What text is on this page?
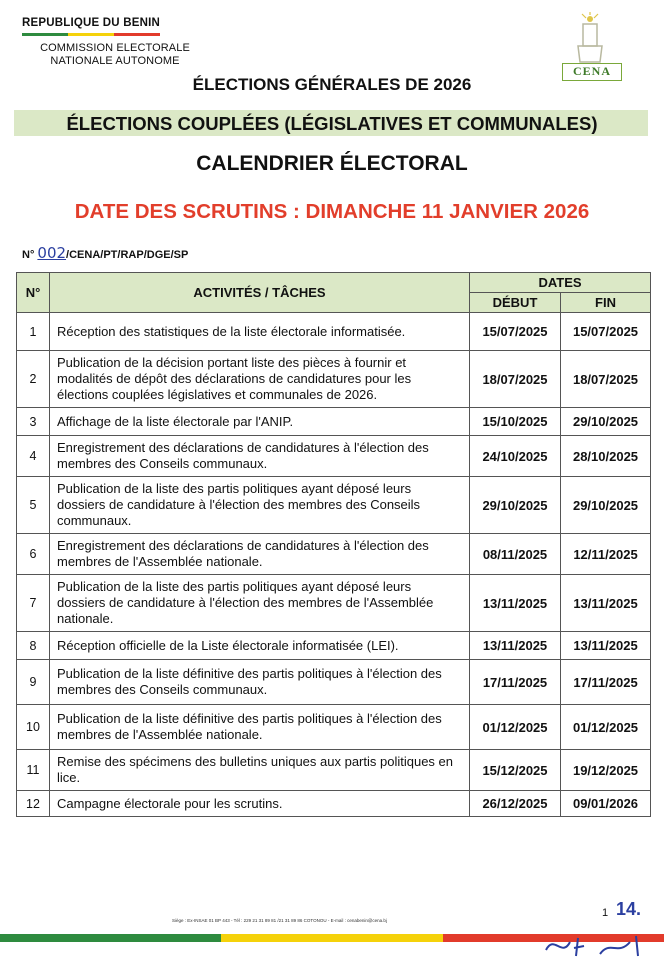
REPUBLIQUE DU BENIN
COMMISSION ELECTORALE
NATIONALE AUTONOME
CENA
ÉLECTIONS GÉNÉRALES DE 2026
ÉLECTIONS COUPLÉES (LÉGISLATIVES ET COMMUNALES)
CALENDRIER ÉLECTORAL
DATE DES SCRUTINS : DIMANCHE 11 JANVIER 2026
N° 002/CENA/PT/RAP/DGE/SP
N°	ACTIVITÉS / TÂCHES	DATES	
		DÉBUT	FIN
1	Réception des statistiques de la liste électorale informatisée.	15/07/2025	15/07/2025
2	Publication de la décision portant liste des pièces à fournir et modalités de dépôt des déclarations de candidatures pour les élections couplées législatives et communales de 2026.	18/07/2025	18/07/2025
3	Affichage de la liste électorale par l'ANIP.	15/10/2025	29/10/2025
4	Enregistrement des déclarations de candidatures à l'élection des membres des Conseils communaux.	24/10/2025	28/10/2025
5	Publication de la liste des partis politiques ayant déposé leurs dossiers de candidature à l'élection des membres des Conseils communaux.	29/10/2025	29/10/2025
6	Enregistrement des déclarations de candidatures à l'élection des membres de l'Assemblée nationale.	08/11/2025	12/11/2025
7	Publication de la liste des partis politiques ayant déposé leurs dossiers de candidature à l'élection des membres de l'Assemblée nationale.	13/11/2025	13/11/2025
8	Réception officielle de la Liste électorale informatisée (LEI).	13/11/2025	13/11/2025
9	Publication de la liste définitive des partis politiques à l'élection des membres des Conseils communaux.	17/11/2025	17/11/2025
10	Publication de la liste définitive des partis politiques à l'élection des membres de l'Assemblée nationale.	01/12/2025	01/12/2025
11	Remise des spécimens des bulletins uniques aux partis politiques en lice.	15/12/2025	19/12/2025
12	Campagne électorale pour les scrutins.	26/12/2025	09/01/2026
1 14.
Siège : Ex-INSAE 01 BP 443 - Tél : 229 21 31 89 81 /21 31 89 86 COTONOU - E-mail : cenabenin@cena.bj
